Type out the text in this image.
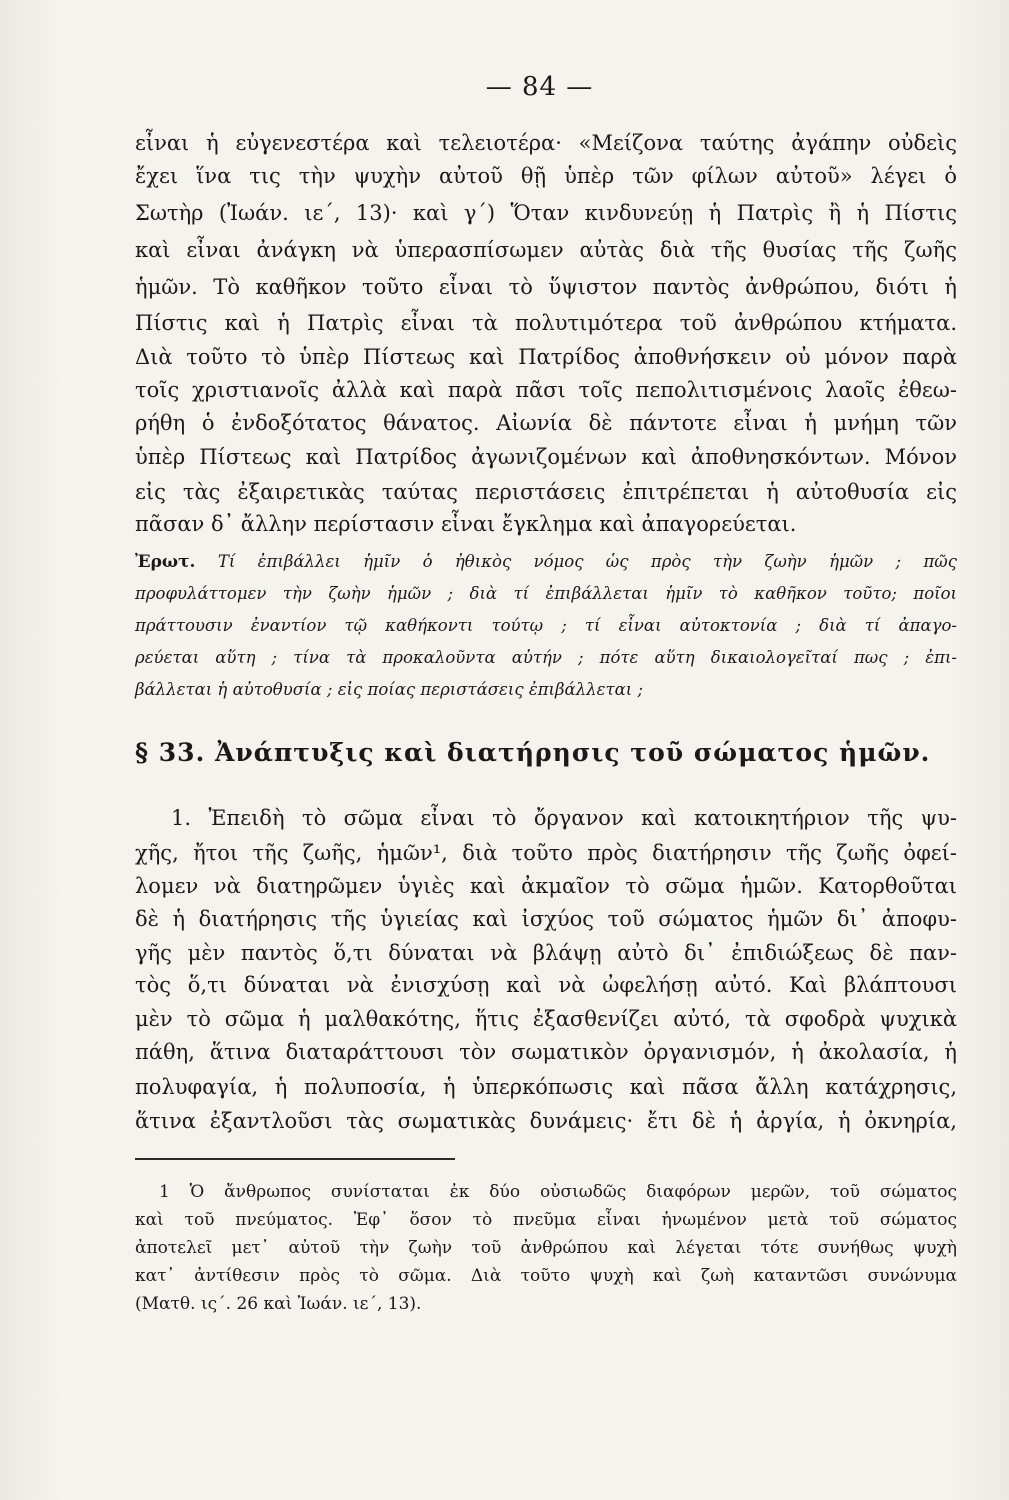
— 84 —
εἶναι ἡ εὐγενεστέρα καὶ τελειοτέρα· «Μείζονα ταύτης ἀγάπην οὐδεὶς
ἔχει ἵνα τις τὴν ψυχὴν αὐτοῦ θῇ ὑπὲρ τῶν φίλων αὐτοῦ» λέγει ὁ
Σωτὴρ (Ἰωάν. ιε΄, 13)· καὶ γ΄) Ὅταν κινδυνεύῃ ἡ Πατρὶς ἢ ἡ Πίστις
καὶ εἶναι ἀνάγκη νὰ ὑπερασπίσωμεν αὐτὰς διὰ τῆς θυσίας τῆς ζωῆς
ἡμῶν. Τὸ καθῆκον τοῦτο εἶναι τὸ ὕψιστον παντὸς ἀνθρώπου, διότι ἡ
Πίστις καὶ ἡ Πατρὶς εἶναι τὰ πολυτιμότερα τοῦ ἀνθρώπου κτήματα.
Διὰ τοῦτο τὸ ὑπὲρ Πίστεως καὶ Πατρίδος ἀποθνήσκειν οὐ μόνον παρὰ
τοῖς χριστιανοῖς ἀλλὰ καὶ παρὰ πᾶσι τοῖς πεπολιτισμένοις λαοῖς ἐθεω-
ρήθη ὁ ἐνδοξότατος θάνατος. Αἰωνία δὲ πάντοτε εἶναι ἡ μνήμη τῶν
ὑπὲρ Πίστεως καὶ Πατρίδος ἀγωνιζομένων καὶ ἀποθνησκόντων. Μόνον
εἰς τὰς ἐξαιρετικὰς ταύτας περιστάσεις ἐπιτρέπεται ἡ αὐτοθυσία εἰς
πᾶσαν δ᾽ ἄλλην περίστασιν εἶναι ἔγκλημα καὶ ἀπαγορεύεται.
Ἐρωτ. Τί ἐπιβάλλει ἡμῖν ὁ ἠθικὸς νόμος ὡς πρὸς τὴν ζωὴν ἡμῶν ; πῶς
προφυλάττομεν τὴν ζωὴν ἡμῶν ; διὰ τί ἐπιβάλλεται ἡμῖν τὸ καθῆκον τοῦτο; ποῖοι
πράττουσιν ἐναντίον τῷ καθήκοντι τούτῳ ; τί εἶναι αὐτοκτονία ; διὰ τί ἀπαγο-
ρεύεται αὕτη ; τίνα τὰ προκαλοῦντα αὐτήν ; πότε αὕτη δικαιολογεῖταί πως ; ἐπι-
βάλλεται ἡ αὐτοθυσία ; εἰς ποίας περιστάσεις ἐπιβάλλεται ;
§ 33. Ἀνάπτυξις καὶ διατήρησις τοῦ σώματος ἡμῶν.
1. Ἐπειδὴ τὸ σῶμα εἶναι τὸ ὄργανον καὶ κατοικητήριον τῆς ψυ-
χῆς, ἤτοι τῆς ζωῆς, ἡμῶν¹, διὰ τοῦτο πρὸς διατήρησιν τῆς ζωῆς ὀφεί-
λομεν νὰ διατηρῶμεν ὑγιὲς καὶ ἀκμαῖον τὸ σῶμα ἡμῶν. Κατορθοῦται
δὲ ἡ διατήρησις τῆς ὑγιείας καὶ ἰσχύος τοῦ σώματος ἡμῶν δι᾽ ἀποφυ-
γῆς μὲν παντὸς ὅ,τι δύναται νὰ βλάψῃ αὐτὸ δι᾽ ἐπιδιώξεως δὲ παν-
τὸς ὅ,τι δύναται νὰ ἐνισχύσῃ καὶ νὰ ὠφελήσῃ αὐτό. Καὶ βλάπτουσι
μὲν τὸ σῶμα ἡ μαλθακότης, ἥτις ἐξασθενίζει αὐτό, τὰ σφοδρὰ ψυχικὰ
πάθη, ἅτινα διαταράττουσι τὸν σωματικὸν ὀργανισμόν, ἡ ἀκολασία, ἡ
πολυφαγία, ἡ πολυποσία, ἡ ὑπερκόπωσις καὶ πᾶσα ἄλλη κατάχρησις,
ἅτινα ἐξαντλοῦσι τὰς σωματικὰς δυνάμεις· ἔτι δὲ ἡ ἀργία, ἡ ὀκνηρία,
1 Ὁ ἄνθρωπος συνίσταται ἐκ δύο οὐσιωδῶς διαφόρων μερῶν, τοῦ σώματος
καὶ τοῦ πνεύματος. Ἐφ᾽ ὅσον τὸ πνεῦμα εἶναι ἡνωμένον μετὰ τοῦ σώματος
ἀποτελεῖ μετ᾽ αὐτοῦ τὴν ζωὴν τοῦ ἀνθρώπου καὶ λέγεται τότε συνήθως ψυχὴ
κατ᾽ ἀντίθεσιν πρὸς τὸ σῶμα. Διὰ τοῦτο ψυχὴ καὶ ζωὴ καταντῶσι συνώνυμα
(Ματθ. ις΄. 26 καὶ Ἰωάν. ιε΄, 13).
